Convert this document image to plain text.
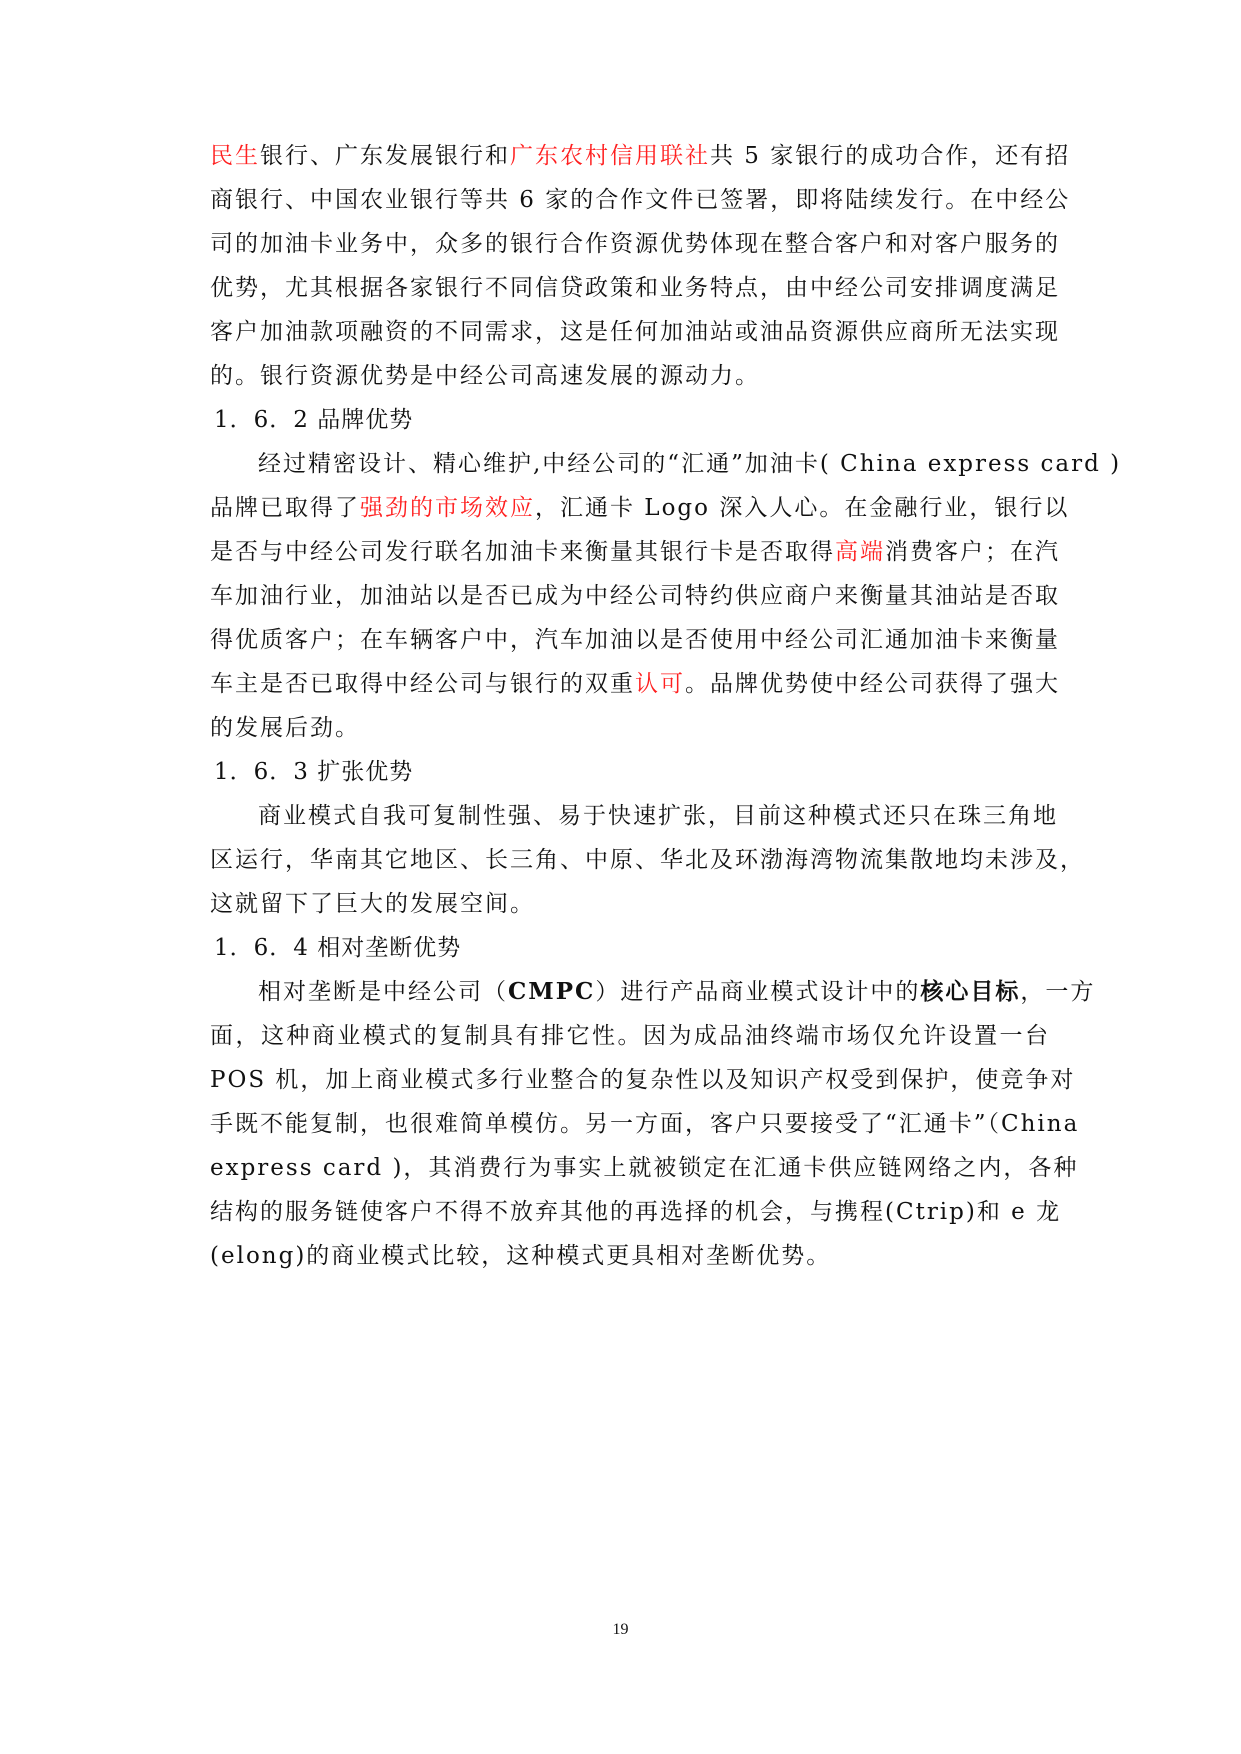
民生银行、广东发展银行和广东农村信用联社共 5 家银行的成功合作，还有招
商银行、中国农业银行等共 6 家的合作文件已签署，即将陆续发行。在中经公
司的加油卡业务中，众多的银行合作资源优势体现在整合客户和对客户服务的
优势，尤其根据各家银行不同信贷政策和业务特点，由中经公司安排调度满足
客户加油款项融资的不同需求，这是任何加油站或油品资源供应商所无法实现
的。银行资源优势是中经公司高速发展的源动力。
1．6．2 品牌优势
经过精密设计、精心维护,中经公司的“汇通”加油卡( China express card )
品牌已取得了强劲的市场效应，汇通卡 Logo 深入人心。在金融行业，银行以
是否与中经公司发行联名加油卡来衡量其银行卡是否取得高端消费客户；在汽
车加油行业，加油站以是否已成为中经公司特约供应商户来衡量其油站是否取
得优质客户；在车辆客户中，汽车加油以是否使用中经公司汇通加油卡来衡量
车主是否已取得中经公司与银行的双重认可。品牌优势使中经公司获得了强大
的发展后劲。
1．6．3 扩张优势
商业模式自我可复制性强、易于快速扩张，目前这种模式还只在珠三角地
区运行，华南其它地区、长三角、中原、华北及环渤海湾物流集散地均未涉及，
这就留下了巨大的发展空间。
1．6．4 相对垄断优势
相对垄断是中经公司（CMPC）进行产品商业模式设计中的核心目标，一方
面，这种商业模式的复制具有排它性。因为成品油终端市场仅允许设置一台
POS 机，加上商业模式多行业整合的复杂性以及知识产权受到保护，使竞争对
手既不能复制，也很难简单模仿。另一方面，客户只要接受了“汇通卡”（China
express card )，其消费行为事实上就被锁定在汇通卡供应链网络之内，各种
结构的服务链使客户不得不放弃其他的再选择的机会，与携程(Ctrip)和 e 龙
(elong)的商业模式比较，这种模式更具相对垄断优势。
19
